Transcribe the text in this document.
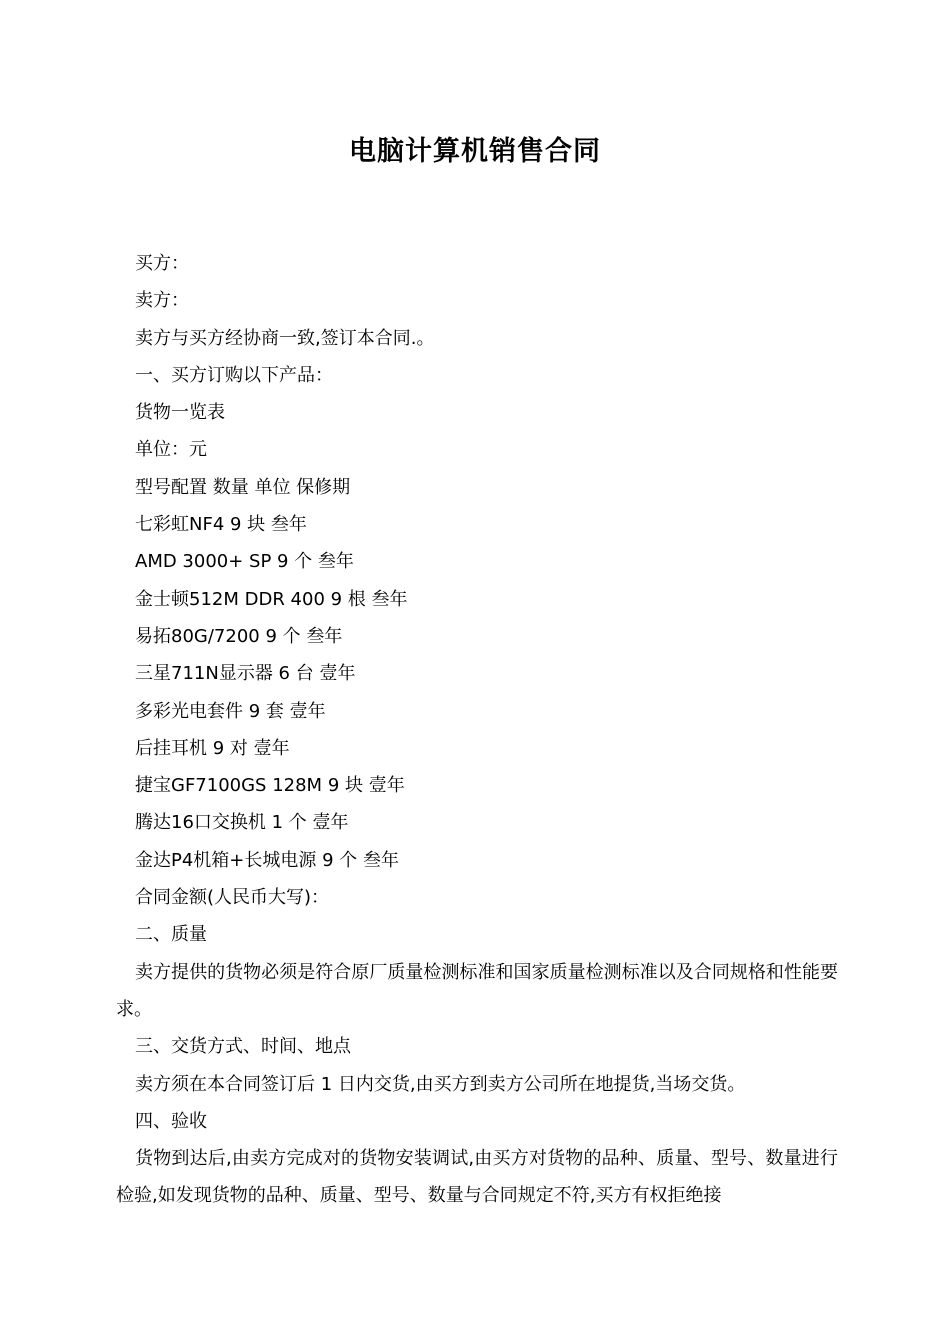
电脑计算机销售合同
买方：
卖方：
卖方与买方经协商一致,签订本合同.。
一、买方订购以下产品：
货物一览表
单位：元
型号配置 数量 单位 保修期
七彩虹NF4 9 块 叁年
AMD 3000+ SP 9 个 叁年
金士顿512M DDR 400 9 根 叁年
易拓80G/7200 9 个 叁年
三星711N显示器 6 台 壹年
多彩光电套件 9 套 壹年
后挂耳机 9 对 壹年
捷宝GF7100GS 128M 9 块 壹年
腾达16口交换机 1 个 壹年
金达P4机箱+长城电源 9 个 叁年
合同金额(人民币大写)：
二、质量
卖方提供的货物必须是符合原厂质量检测标准和国家质量检测标准以及合同规格和性能要求。
三、交货方式、时间、地点
卖方须在本合同签订后 1 日内交货,由买方到卖方公司所在地提货,当场交货。
四、验收
货物到达后,由卖方完成对的货物安装调试,由买方对货物的品种、质量、型号、数量进行检验,如发现货物的品种、质量、型号、数量与合同规定不符,买方有权拒绝接
